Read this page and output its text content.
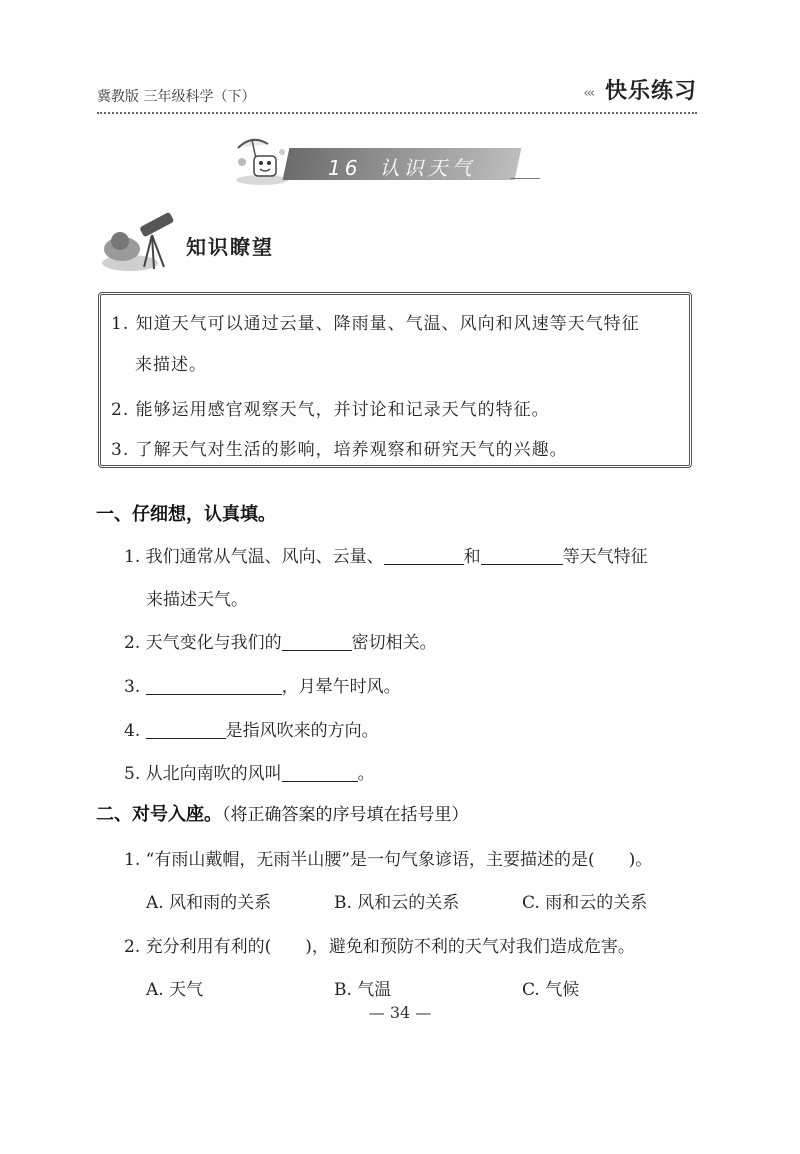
冀教版 三年级科学（下）	‹‹‹ 快乐练习
16 认识天气
知识瞭望
1. 知道天气可以通过云量、降雨量、气温、风向和风速等天气特征
来描述。
2. 能够运用感官观察天气，并讨论和记录天气的特征。
3. 了解天气对生活的影响，培养观察和研究天气的兴趣。
一、仔细想，认真填。
1. 我们通常从气温、风向、云量、	和	等天气特征
来描述天气。
2. 天气变化与我们的	密切相关。
3.	，月晕午时风。
4.	是指风吹来的方向。
5. 从北向南吹的风叫	。
二、对号入座。（将正确答案的序号填在括号里）
1. “有雨山戴帽，无雨半山腰”是一句气象谚语，主要描述的是(　　)。
A. 风和雨的关系	B. 风和云的关系	C. 雨和云的关系
2. 充分利用有利的(　　)，避免和预防不利的天气对我们造成危害。
A. 天气	B. 气温	C. 气候
— 34 —
